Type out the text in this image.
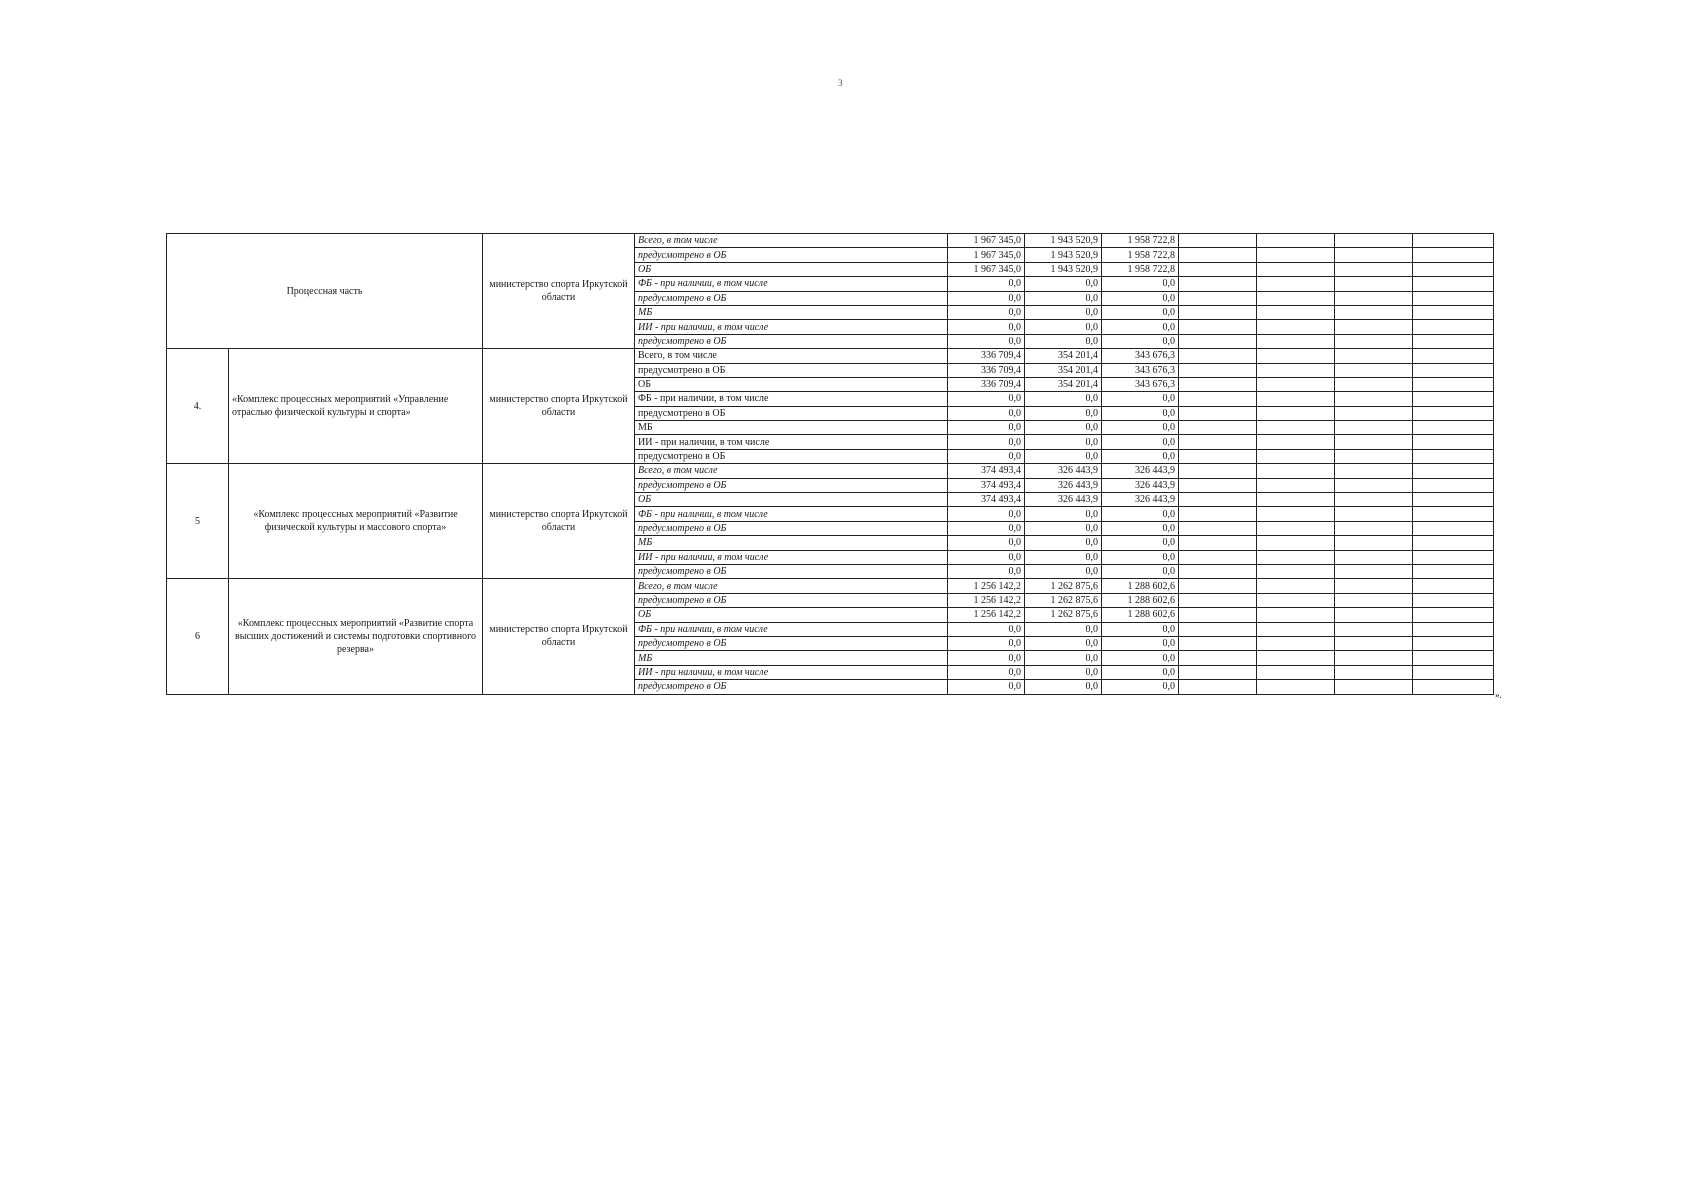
3
Процессная часть		министерство спорта Иркутской области	Всего, в том числе	1 967 345,0	1 943 520,9	1 958 722,8				
			предусмотрено в ОБ	1 967 345,0	1 943 520,9	1 958 722,8				
			ОБ	1 967 345,0	1 943 520,9	1 958 722,8				
			ФБ - при наличии, в том числе	0,0	0,0	0,0				
			предусмотрено в ОБ	0,0	0,0	0,0				
			МБ	0,0	0,0	0,0				
			ИИ - при наличии, в том числе	0,0	0,0	0,0				
			предусмотрено в ОБ	0,0	0,0	0,0				
4.	«Комплекс процессных мероприятий «Управление отраслью физической культуры и спорта»	министерство спорта Иркутской области	Всего, в том числе	336 709,4	354 201,4	343 676,3				
			предусмотрено в ОБ	336 709,4	354 201,4	343 676,3				
			ОБ	336 709,4	354 201,4	343 676,3				
			ФБ - при наличии, в том числе	0,0	0,0	0,0				
			предусмотрено в ОБ	0,0	0,0	0,0				
			МБ	0,0	0,0	0,0				
			ИИ - при наличии, в том числе	0,0	0,0	0,0				
			предусмотрено в ОБ	0,0	0,0	0,0				
5	«Комплекс процессных мероприятий «Развитие физической культуры и массового спорта»	министерство спорта Иркутской области	Всего, в том числе	374 493,4	326 443,9	326 443,9				
			предусмотрено в ОБ	374 493,4	326 443,9	326 443,9				
			ОБ	374 493,4	326 443,9	326 443,9				
			ФБ - при наличии, в том числе	0,0	0,0	0,0				
			предусмотрено в ОБ	0,0	0,0	0,0				
			МБ	0,0	0,0	0,0				
			ИИ - при наличии, в том числе	0,0	0,0	0,0				
			предусмотрено в ОБ	0,0	0,0	0,0				
6	«Комплекс процессных мероприятий «Развитие спорта высших достижений и системы подготовки спортивного резерва»	министерство спорта Иркутской области	Всего, в том числе	1 256 142,2	1 262 875,6	1 288 602,6				
			предусмотрено в ОБ	1 256 142,2	1 262 875,6	1 288 602,6				
			ОБ	1 256 142,2	1 262 875,6	1 288 602,6				
			ФБ - при наличии, в том числе	0,0	0,0	0,0				
			предусмотрено в ОБ	0,0	0,0	0,0				
			МБ	0,0	0,0	0,0				
			ИИ - при наличии, в том числе	0,0	0,0	0,0				
			предусмотрено в ОБ	0,0	0,0	0,0				
».
